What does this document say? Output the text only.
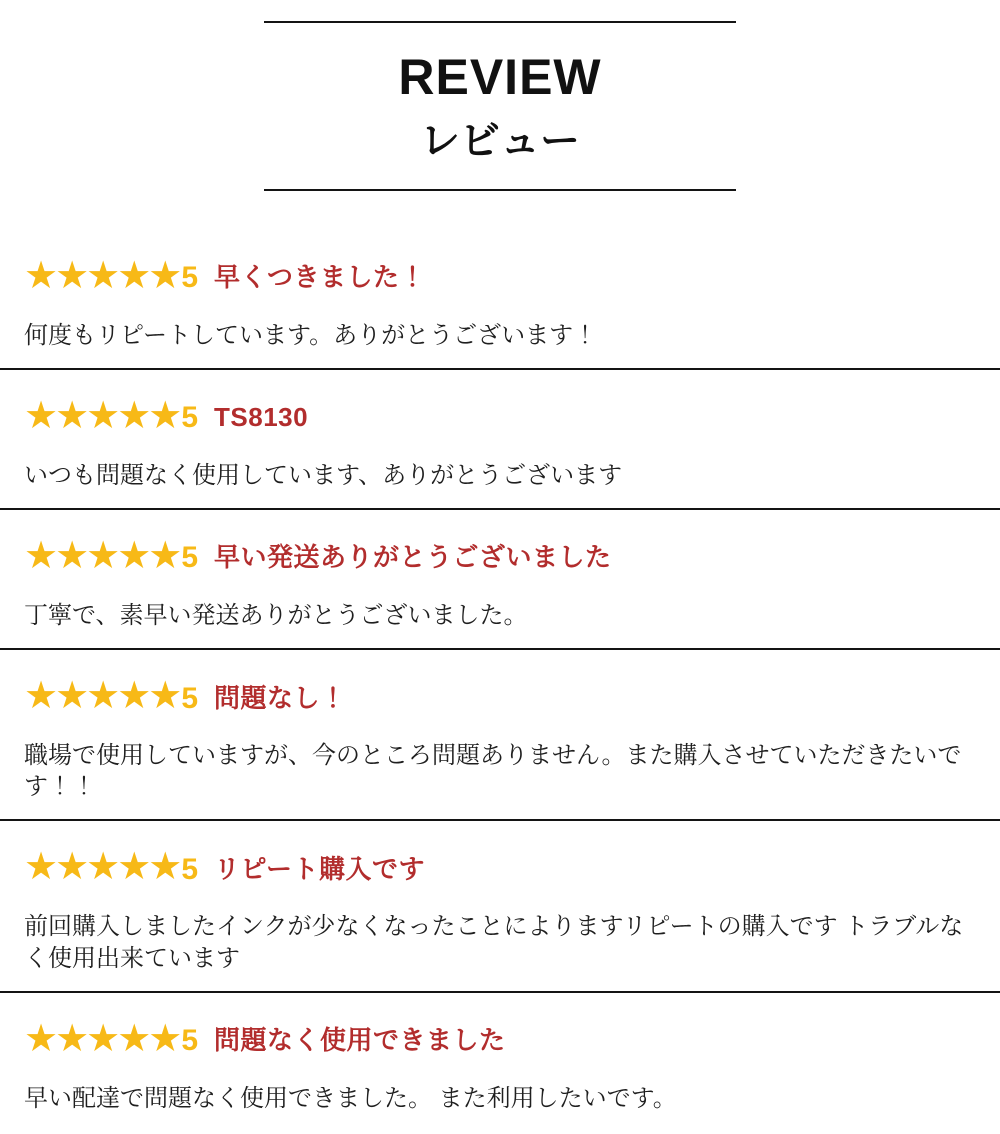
REVIEW
レビュー
★★★★★ 5 早くつきました！
何度もリピートしています。ありがとうございます！
★★★★★ 5 TS8130
いつも問題なく使用しています、ありがとうございます
★★★★★ 5 早い発送ありがとうございました
丁寧で、素早い発送ありがとうございました。
★★★★★ 5 問題なし！
職場で使用していますが、今のところ問題ありません。また購入させていただきたいです！！
★★★★★ 5 リピート購入です
前回購入しましたインクが少なくなったことによりますリピートの購入です トラブルなく使用出来ています
★★★★★ 5 問題なく使用できました
早い配達で問題なく使用できました。 また利用したいです。
